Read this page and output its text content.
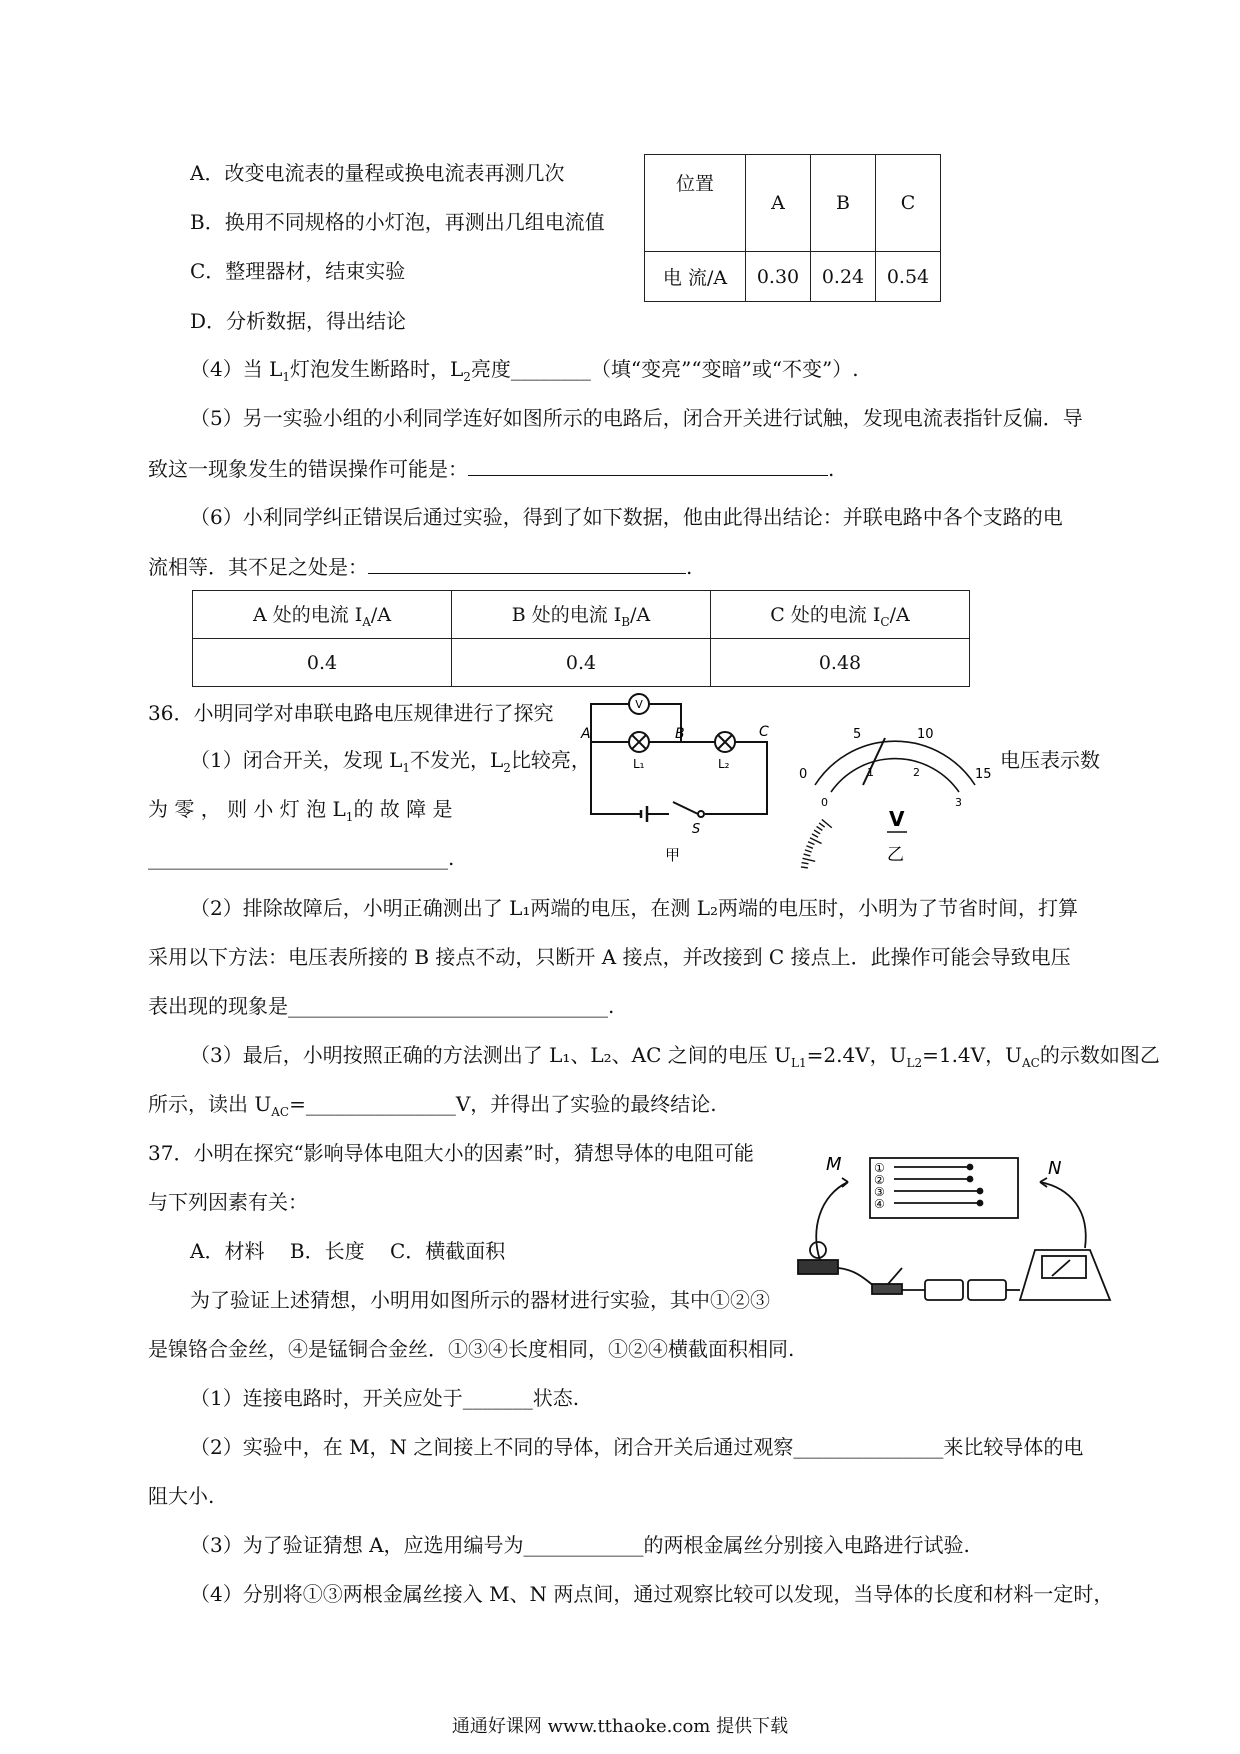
A．改变电流表的量程或换电流表再测几次
B．换用不同规格的小灯泡，再测出几组电流值
C．整理器材，结束实验
D．分析数据，得出结论
位置	A	B	C
电 流/A	0.30	0.24	0.54
（4）当 $L_1$灯泡发生断路时，$L_2$亮度________（填“变亮”“变暗”或“不变”）.
（5）另一实验小组的小利同学连好如图所示的电路后，闭合开关进行试触，发现电流表指针反偏．导
致这一现象发生的错误操作可能是：	.
（6）小利同学纠正错误后通过实验，得到了如下数据，他由此得出结论：并联电路中各个支路的电
流相等．其不足之处是：	.
A 处的电流 $I_A/A$	B 处的电流 $I_B/A$	C 处的电流 $I_C/A$
0.4	0.4	0.48
36．小明同学对串联电路电压规律进行了探究
（1）闭合开关，发现 $L_1$不发光，$L_2$比较亮，	电压表示数
为 零 ， 则 小 灯 泡 $L_1$的 故 障 是
______________________________.
V
A	B	C
L₁	L₂
S
甲
0
5	10
15
0
1	2
3
V
乙
（2）排除故障后，小明正确测出了 L₁两端的电压，在测 L₂两端的电压时，小明为了节省时间，打算
采用以下方法：电压表所接的 B 接点不动，只断开 A 接点，并改接到 C 接点上．此操作可能会导致电压
表出现的现象是________________________________.
（3）最后，小明按照正确的方法测出了 L₁、L₂、AC 之间的电压 $U_{L1}=2.4V$，$U_{L2}=1.4V$，$U_{AC}$的示数如图乙
所示，读出 $U_{AC}=\_\_\_\_\_\_\_\_\_\_\_\_\_\_\_V$，并得出了实验的最终结论.
37．小明在探究“影响导体电阻大小的因素”时，猜想导体的电阻可能
与下列因素有关：
A．材料    B．长度    C．横截面积
为了验证上述猜想，小明用如图所示的器材进行实验，其中①②③
是镍铬合金丝，④是锰铜合金丝．①③④长度相同，①②④横截面积相同.
（1）连接电路时，开关应处于_______状态.
（2）实验中，在 M，N 之间接上不同的导体，闭合开关后通过观察_______________来比较导体的电
阻大小.
（3）为了验证猜想 A，应选用编号为____________的两根金属丝分别接入电路进行试验.
（4）分别将①③两根金属丝接入 M、N 两点间，通过观察比较可以发现，当导体的长度和材料一定时，
①
②
③
④
M	N
通通好课网 www.tthaoke.com 提供下载
